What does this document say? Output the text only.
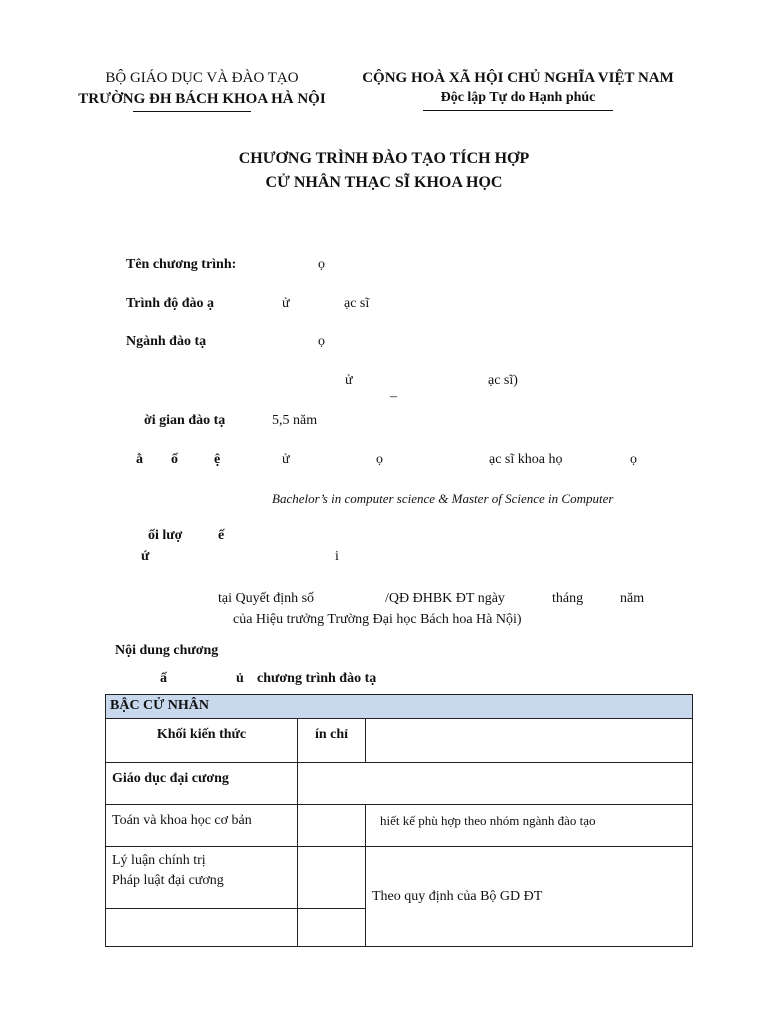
BỘ GIÁO DỤC VÀ ĐÀO TẠO
TRƯỜNG ĐH BÁCH KHOA HÀ NỘI
CỘNG HOÀ XÃ HỘI CHỦ NGHĨA VIỆT NAM
Độc lập Tự do Hạnh phúc
CHƯƠNG TRÌNH ĐÀO TẠO TÍCH HỢP
CỬ NHÂN THẠC SĨ KHOA HỌC
Tên chương trình:	ọ
Trình độ đào ạ	ử	ạc sĩ
Ngành đào tạ	ọ
ử	ạc sĩ)
–
ời gian đào tạ	5,5 năm
ằ ố	ệ	ử	ọ	ạc sĩ khoa họ	ọ
Bachelor’s in computer science & Master of Science in Computer
ối lượ	ế
ứ	i
tại Quyết định số	/QĐ ĐHBK ĐT ngày	tháng	năm
của Hiệu trưởng Trường Đại học Bách hoa Hà Nội)
Nội dung chương
ấ	ủ chương trình đào tạ
BẬC CỬ NHÂN		

Khối kiến thức	ín chỉ	

Giáo dục đại cương		

Toán và khoa học cơ bản		hiết kế phù hợp theo nhóm ngành đào tạo

Lý luận chính trị
Pháp luật đại cương		Theo quy định của Bộ GD ĐT
